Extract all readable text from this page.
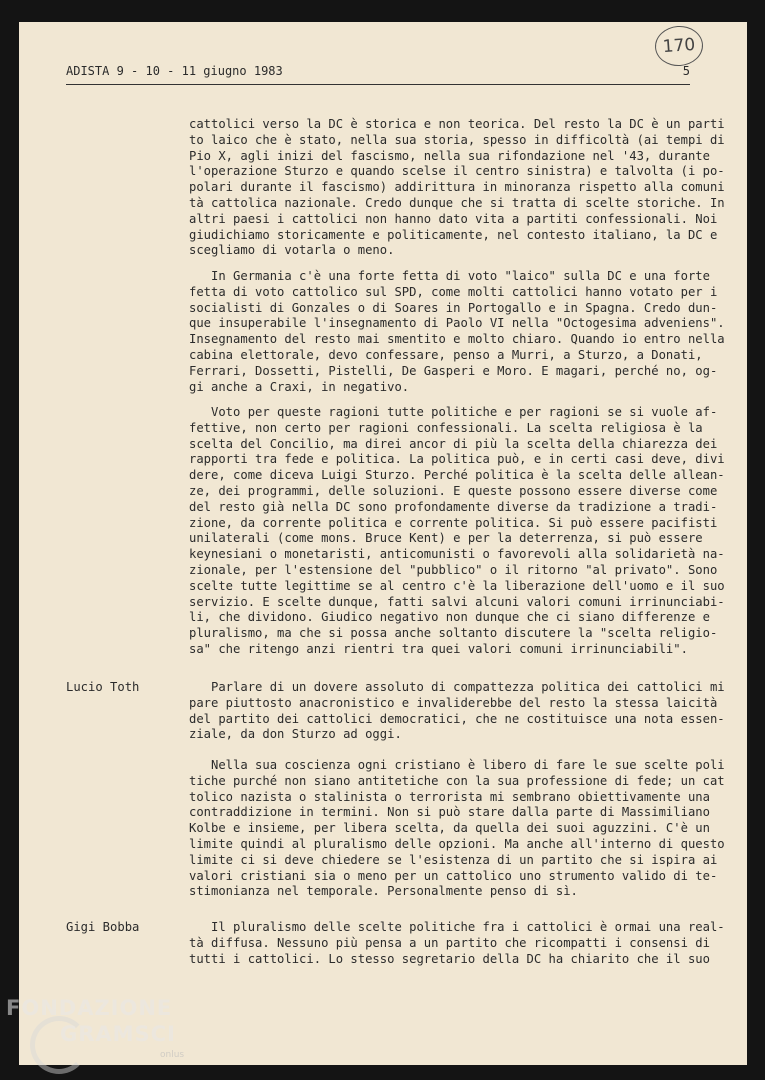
ADISTA 9 - 10 - 11 giugno 1983	5
170
cattolici verso la DC è storica e non teorica. Del resto la DC è un
to laico che è stato, nella sua storia, spesso in difficoltà (ai tempi
Pio X, agli inizi del fascismo, nella sua rifondazione nel '43, durante
l'operazione Sturzo e quando scelse il centro sinistra) e talvolta (i
polari durante il fascismo) addirittura in minoranza rispetto alla
tà cattolica nazionale. Credo dunque che si tratta di scelte storiche.
altri paesi i cattolici non hanno dato vita a partiti confessionali.
giudichiamo storicamente e politicamente, nel contesto italiano, la
scegliamo di votarla o meno.
In Germania c'è una forte fetta di voto "laico" sulla DC e una
fetta di voto cattolico sul SPD, come molti cattolici hanno votato
socialisti di Gonzales o di Soares in Portogallo e in Spagna. Credo
que insuperabile l'insegnamento di Paolo VI nella "Octogesima adveniens".
Insegnamento del resto mai smentito e molto chiaro. Quando io entro
cabina elettorale, devo confessare, penso a Murri, a Sturzo, a Donati,
Ferrari, Dossetti, Pistelli, De Gasperi e Moro. E magari, perché no,
gi anche a Craxi, in negativo.
Voto per queste ragioni tutte politiche e per ragioni se si vuole
fettive, non certo per ragioni confessionali. La scelta religiosa è
scelta del Concilio, ma direi ancor di più la scelta della chiarezza
rapporti tra fede e politica. La politica può, e in certi casi deve,
dere, come diceva Luigi Sturzo. Perché politica è la scelta delle
ze, dei programmi, delle soluzioni. E queste possono essere diverse
del resto già nella DC sono profondamente diverse da tradizione a
zione, da corrente politica e corrente politica. Si può essere pacifisti
unilaterali (come mons. Bruce Kent) e per la deterrenza, si può essere
keynesiani o monetaristi, anticomunisti o favorevoli alla solidarietà
zionale, per l'estensione del "pubblico" o il ritorno "al privato".
scelte tutte legittime se al centro c'è la liberazione dell'uomo e il
servizio. E scelte dunque, fatti salvi alcuni valori comuni irrinunciabi-
li, che dividono. Giudico negativo non dunque che ci siano differenze
pluralismo, ma che si possa anche soltanto discutere la "scelta religio-
sa" che ritengo anzi rientri tra quei valori comuni irrinunciabili".
Lucio Toth	Parlare di un dovere assoluto di compattezza politica dei cattolici
pare piuttosto anacronistico e invaliderebbe del resto la stessa
del partito dei cattolici democratici, che ne costituisce una nota
ziale, da don Sturzo ad oggi.
Nella sua coscienza ogni cristiano è libero di fare le sue scelte
tiche purché non siano antitetiche con la sua professione di fede; un
tolico nazista o stalinista o terrorista mi sembrano obiettivamente
contraddizione in termini. Non si può stare dalla parte di Massimiliano
Kolbe e insieme, per libera scelta, da quella dei suoi aguzzini. C'è
limite quindi al pluralismo delle opzioni. Ma anche all'interno di
limite ci si deve chiedere se l'esistenza di un partito che si ispira
valori cristiani sia o meno per un cattolico uno strumento valido di
stimonianza nel temporale. Personalmente penso di sì.
Gigi Bobba	Il pluralismo delle scelte politiche fra i cattolici è ormai una
tà diffusa. Nessuno più pensa a un partito che ricompatti i consensi
tutti i cattolici. Lo stesso segretario della DC ha chiarito che il
FONDAZIONE
GRAMSCI
onlus
